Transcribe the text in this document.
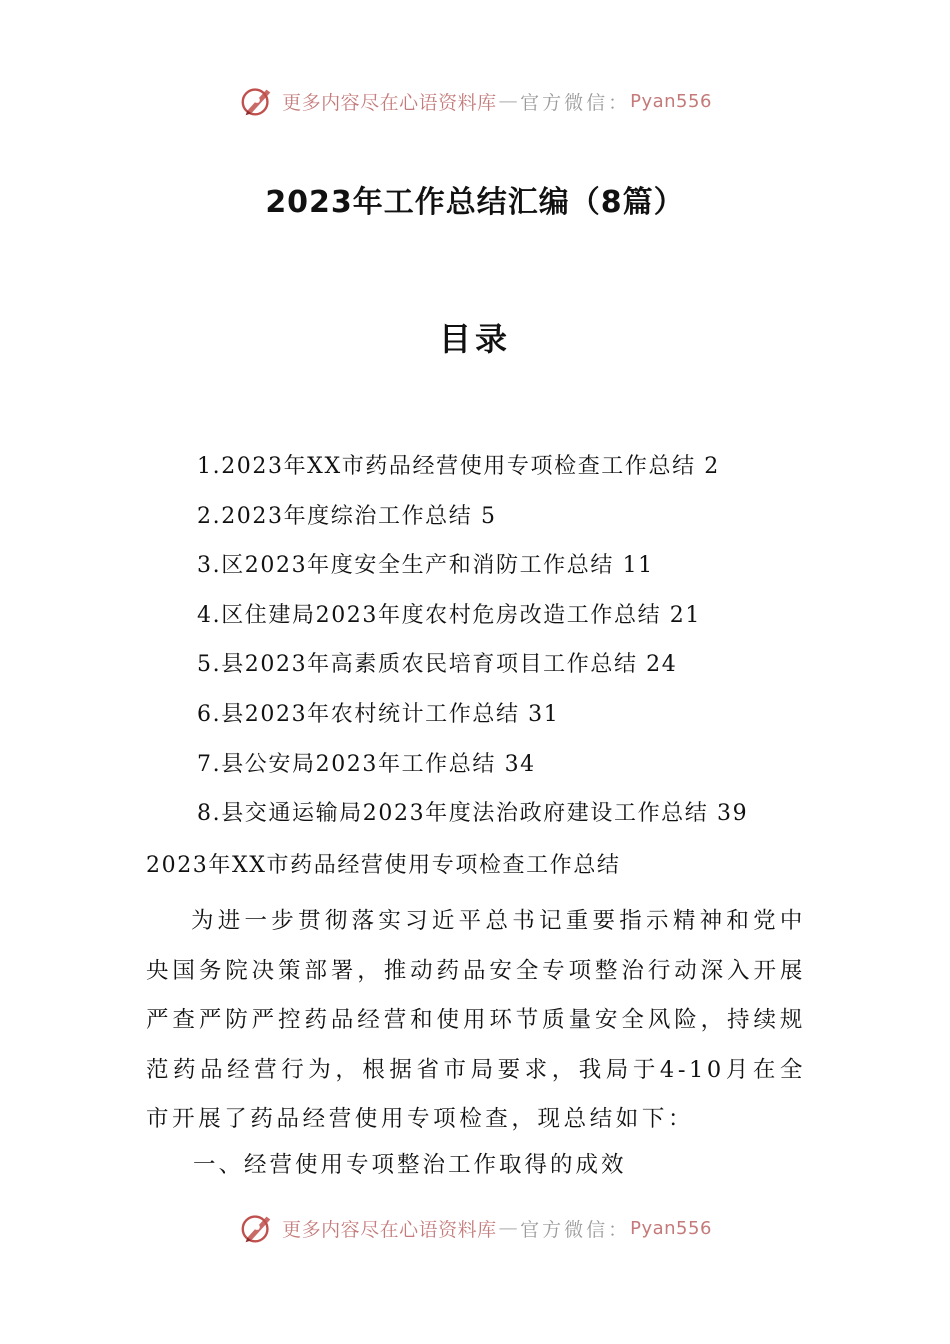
更多内容尽在心语资料库 — 官方微信： Pyan556
2023年工作总结汇编（8篇）
目录
1.2023年XX市药品经营使用专项检查工作总结 2
2.2023年度综治工作总结 5
3.区2023年度安全生产和消防工作总结 11
4.区住建局2023年度农村危房改造工作总结 21
5.县2023年高素质农民培育项目工作总结 24
6.县2023年农村统计工作总结 31
7.县公安局2023年工作总结 34
8.县交通运输局2023年度法治政府建设工作总结 39
2023年XX市药品经营使用专项检查工作总结

为进一步贯彻落实习近平总书记重要指示精神和党中央国务院决策部署，推动药品安全专项整治行动深入开展严查严防严控药品经营和使用环节质量安全风险，持续规范药品经营行为，根据省市局要求，我局于4-10月在全市开展了药品经营使用专项检查，现总结如下：

一、经营使用专项整治工作取得的成效
更多内容尽在心语资料库 — 官方微信： Pyan556
